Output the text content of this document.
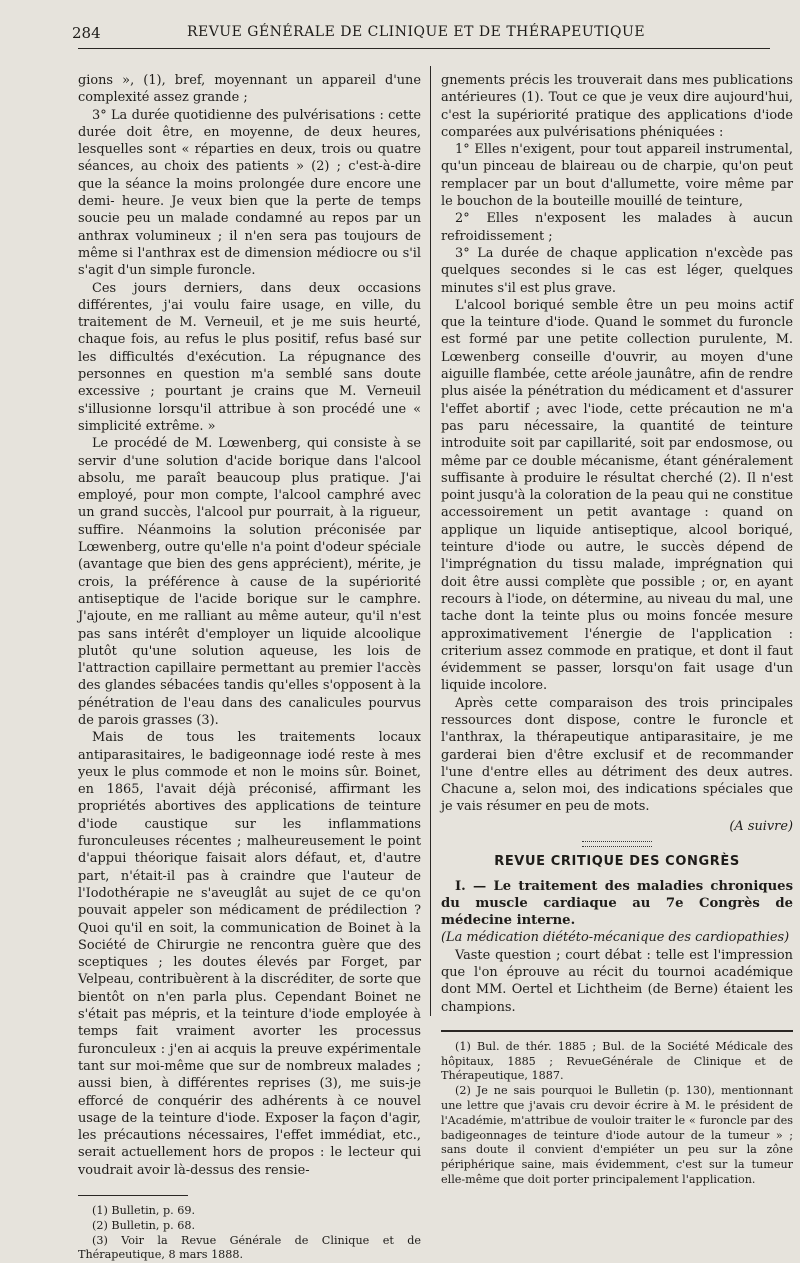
284	REVUE GÉNÉRALE DE CLINIQUE ET DE THÉRAPEUTIQUE

gions », (1), bref, moyennant un appareil d'une complexité assez grande ;

3° La durée quotidienne des pulvérisations : cette durée doit être, en moyenne, de deux heures, lesquelles sont « réparties en deux, trois ou quatre séances, au choix des patients » (2) ; c'est-à-dire que la séance la moins prolongée dure encore une demi- heure. Je veux bien que la perte de temps soucie peu un malade condamné au repos par un anthrax volumineux ; il n'en sera pas toujours de même si l'anthrax est de dimension médiocre ou s'il s'agit d'un simple furoncle.

Ces jours derniers, dans deux occasions différentes, j'ai voulu faire usage, en ville, du traitement de M. Verneuil, et je me suis heurté, chaque fois, au refus le plus positif, refus basé sur les difficultés d'exécution. La répugnance des personnes en question m'a semblé sans doute excessive ; pourtant je crains que M. Verneuil s'illusionne lorsqu'il attribue à son procédé une « simplicité extrême. »

Le procédé de M. Lœwenberg, qui consiste à se servir d'une solution d'acide borique dans l'alcool absolu, me paraît beaucoup plus pratique. J'ai employé, pour mon compte, l'alcool camphré avec un grand succès, l'alcool pur pourrait, à la rigueur, suffire. Néanmoins la solution préconisée par Lœwenberg, outre qu'elle n'a point d'odeur spéciale (avantage que bien des gens apprécient), mérite, je crois, la préférence à cause de la supériorité antiseptique de l'acide borique sur le camphre. J'ajoute, en me ralliant au même auteur, qu'il n'est pas sans intérêt d'employer un liquide alcoolique plutôt qu'une solution aqueuse, les lois de l'attraction capillaire permettant au premier l'accès des glandes sébacées tandis qu'elles s'opposent à la pénétration de l'eau dans des canalicules pourvus de parois grasses (3).

Mais de tous les traitements locaux antiparasitaires, le badigeonnage iodé reste à mes yeux le plus commode et non le moins sûr. Boinet, en 1865, l'avait déjà préconisé, affirmant les propriétés abortives des applications de teinture d'iode caustique sur les inflammations furonculeuses récentes ; malheureusement le point d'appui théorique faisait alors défaut, et, d'autre part, n'était-il pas à craindre que l'auteur de l'Iodothérapie ne s'aveuglât au sujet de ce qu'on pouvait appeler son médicament de prédilection ? Quoi qu'il en soit, la communication de Boinet à la Société de Chirurgie ne rencontra guère que des sceptiques ; les doutes élevés par Forget, par Velpeau, contribuèrent à la discréditer, de sorte que bientôt on n'en parla plus. Cependant Boinet ne s'était pas mépris, et la teinture d'iode employée à temps fait vraiment avorter les processus furonculeux : j'en ai acquis la preuve expérimentale tant sur moi-même que sur de nombreux malades ; aussi bien, à différentes reprises (3), me suis-je efforcé de conquérir des adhérents à ce nouvel usage de la teinture d'iode. Exposer la façon d'agir, les précautions nécessaires, l'effet immédiat, etc., serait actuellement hors de propos : le lecteur qui voudrait avoir là-dessus des rensie-

(1) Bulletin, p. 69.

(2) Bulletin, p. 68.

(3) Voir la Revue Générale de Clinique et de Thérapeutique, 8 mars 1888.

gnements précis les trouverait dans mes publications antérieures (1). Tout ce que je veux dire aujourd'hui, c'est la supériorité pratique des applications d'iode comparées aux pulvérisations phéniquées :

1° Elles n'exigent, pour tout appareil instrumental, qu'un pinceau de blaireau ou de charpie, qu'on peut remplacer par un bout d'allumette, voire même par le bouchon de la bouteille mouillé de teinture,

2° Elles n'exposent les malades à aucun refroidissement ;

3° La durée de chaque application n'excède pas quelques secondes si le cas est léger, quelques minutes s'il est plus grave.

L'alcool boriqué semble être un peu moins actif que la teinture d'iode. Quand le sommet du furoncle est formé par une petite collection purulente, M. Lœwenberg conseille d'ouvrir, au moyen d'une aiguille flambée, cette aréole jaunâtre, afin de rendre plus aisée la pénétration du médicament et d'assurer l'effet abortif ; avec l'iode, cette précaution ne m'a pas paru nécessaire, la quantité de teinture introduite soit par capillarité, soit par endosmose, ou même par ce double mécanisme, étant généralement suffisante à produire le résultat cherché (2). Il n'est point jusqu'à la coloration de la peau qui ne constitue accessoirement un petit avantage : quand on applique un liquide antiseptique, alcool boriqué, teinture d'iode ou autre, le succès dépend de l'imprégnation du tissu malade, imprégnation qui doit être aussi complète que possible ; or, en ayant recours à l'iode, on détermine, au niveau du mal, une tache dont la teinte plus ou moins foncée mesure approximativement l'énergie de l'application : criterium assez commode en pratique, et dont il faut évidemment se passer, lorsqu'on fait usage d'un liquide incolore.

Après cette comparaison des trois principales ressources dont dispose, contre le furoncle et l'anthrax, la thérapeutique antiparasitaire, je me garderai bien d'être exclusif et de recommander l'une d'entre elles au détriment des deux autres. Chacune a, selon moi, des indications spéciales que je vais résumer en peu de mots.

(A suivre)
REVUE CRITIQUE DES CONGRÈS

I. — Le traitement des maladies chroniques du muscle cardiaque au 7e Congrès de médecine interne.

(La médication diététo-mécanique des cardiopathies)

Vaste question ; court débat : telle est l'impression que l'on éprouve au récit du tournoi académique dont MM. Oertel et Lichtheim (de Berne) étaient les champions.

(1) Bul. de thér. 1885 ; Bul. de la Société Médicale des hôpitaux, 1885 ; RevueGénérale de Clinique et de Thérapeutique, 1887.

(2) Je ne sais pourquoi le Bulletin (p. 130), mentionnant une lettre que j'avais cru devoir écrire à M. le président de l'Académie, m'attribue de vouloir traiter le « furoncle par des badigeonnages de teinture d'iode autour de la tumeur » ; sans doute il convient d'empiéter un peu sur la zône périphérique saine, mais évidemment, c'est sur la tumeur elle-même que doit porter principalement l'application.
